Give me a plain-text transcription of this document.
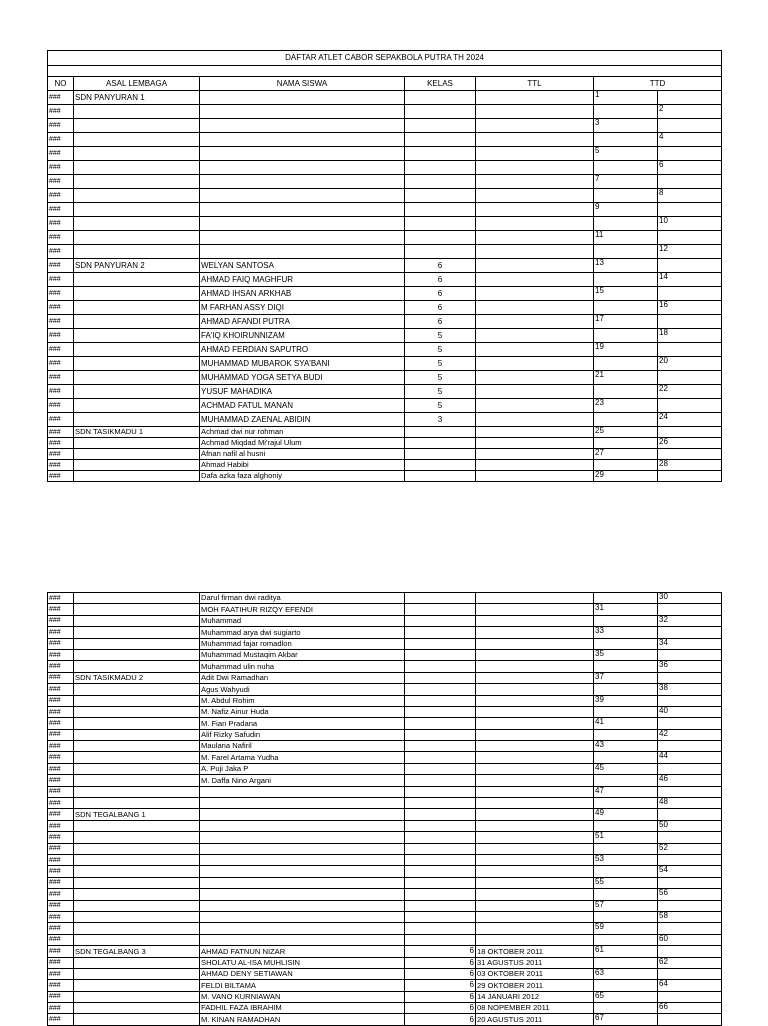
DAFTAR ATLET CABOR SEPAKBOLA PUTRA TH 2024						

NO	ASAL LEMBAGA	NAMA SISWA	KELAS	TTL	TTD	
###	SDN PANYURAN 1				1	
###						2
###					3	
###						4
###					5	
###						6
###					7	
###						8
###					9	
###						10
###					11	
###						12
###	SDN PANYURAN 2	WELYAN SANTOSA	6		13	
###		AHMAD FAIQ MAGHFUR	6			14
###		AHMAD IHSAN ARKHAB	6		15	
###		M FARHAN ASSY DIQI	6			16
###		AHMAD AFANDI PUTRA	6		17	
###		FA'IQ KHOIRUNNIZAM	5			18
###		AHMAD FERDIAN SAPUTRO	5		19	
###		MUHAMMAD MUBAROK SYA'BANI	5			20
###		MUHAMMAD YOGA SETYA BUDI	5		21	
###		YUSUF MAHADIKA	5			22
###		ACHMAD FATUL MANAN	5		23	
###		MUHAMMAD ZAENAL ABIDIN	3			24
###	SDN TASIKMADU 1	Achmad dwi nur rohman			25	
###		Achmad Miqdad Mi'rajul Ulum				26
###		Afnan nafil al husni			27	
###		Ahmad Habibi				28
###		Dafa azka faza alghoniy			29	
###		Darul firman dwi raditya				30
###		MOH FAATIHUR RIZQY EFENDI			31	
###		Muhammad				32
###		Muhammad arya dwi sugiarto			33	
###		Muhammad fajar romadlon				34
###		Muhammad Mustaqim Akbar			35	
###		Muhammad ulin nuha				36
###	SDN TASIKMADU 2	Adit Dwi Ramadhan			37	
###		Agus Wahyudi				38
###		M. Abdul Rohim			39	
###		M. Nafiz Ainur Huda				40
###		M. Fian Pradana			41	
###		Alif Rizky Safudin				42
###		Maulana Nafiril			43	
###		M. Farel Artama Yudha				44
###		A. Puji Jaka P			45	
###		M. Daffa Nino Argani				46
###					47	
###						48
###	SDN TEGALBANG 1				49	
###						50
###					51	
###						52
###					53	
###						54
###					55	
###						56
###					57	
###						58
###					59	
###						60
###	SDN TEGALBANG 3	AHMAD FATNUN NIZAR	6	18 OKTOBER 2011	61	
###		SHOLATU AL-ISA MUHLISIN	6	31 AGUSTUS 2011		62
###		AHMAD DENY SETIAWAN	6	03 OKTOBER 2011	63	
###		FELDI BILTAMA	6	29 OKTOBER 2011		64
###		M. VANO KURNIAWAN	6	14 JANUARI 2012	65	
###		FADHIL FAZA IBRAHIM	6	08 NOPEMBER 2011		66
###		M. KINAN RAMADHAN	6	20 AGUSTUS 2011	67	
